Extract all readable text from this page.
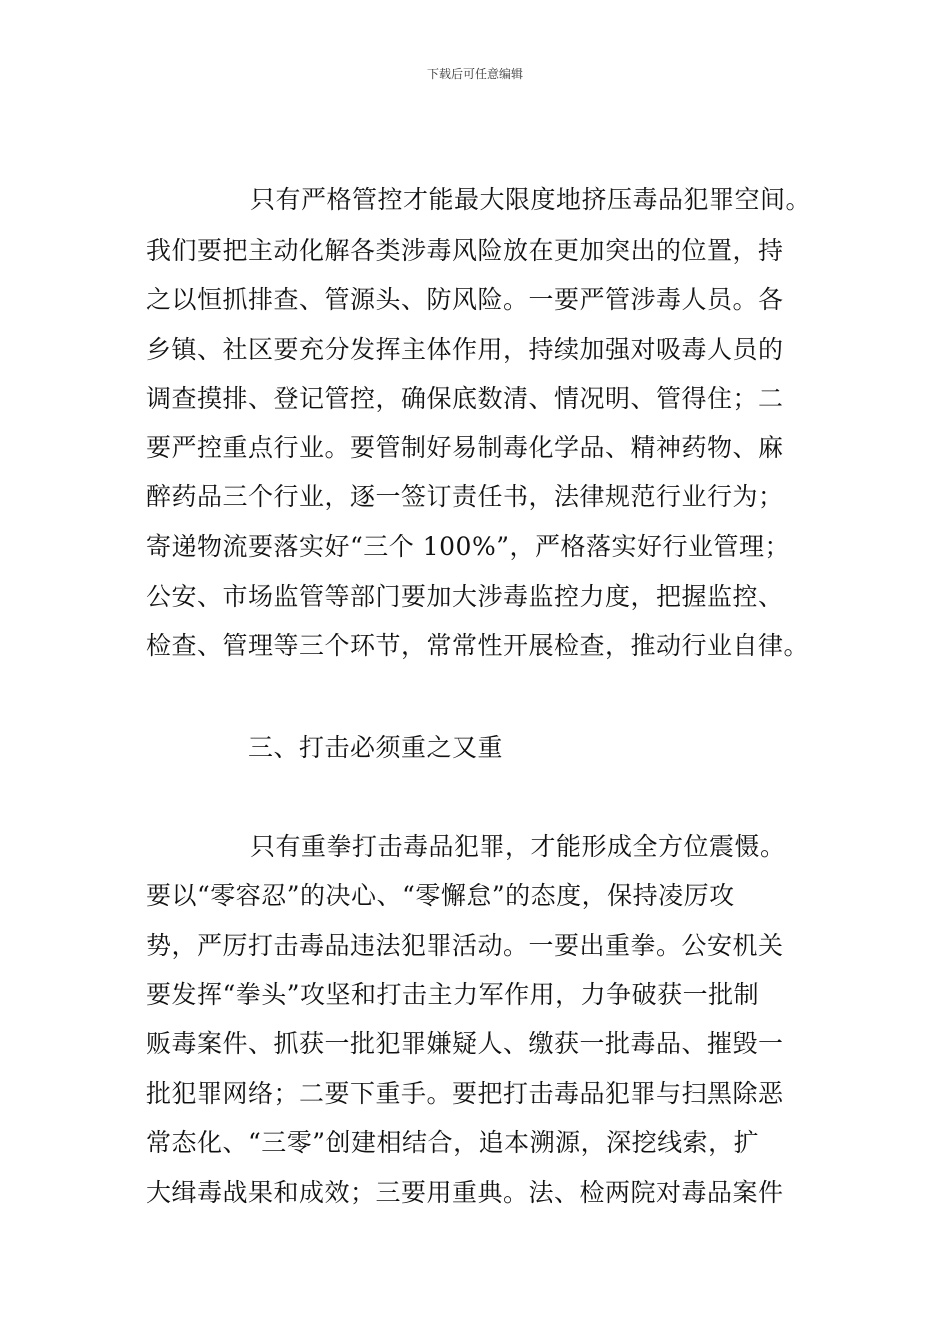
下载后可任意编辑
只有严格管控才能最大限度地挤压毒品犯罪空间。
我们要把主动化解各类涉毒风险放在更加突出的位置，持
之以恒抓排查、管源头、防风险。一要严管涉毒人员。各
乡镇、社区要充分发挥主体作用，持续加强对吸毒人员的
调查摸排、登记管控，确保底数清、情况明、管得住；二
要严控重点行业。要管制好易制毒化学品、精神药物、麻
醉药品三个行业，逐一签订责任书，法律规范行业行为；
寄递物流要落实好“三个 100%”，严格落实好行业管理；
公安、市场监管等部门要加大涉毒监控力度，把握监控、
检查、管理等三个环节，常常性开展检查，推动行业自律。
三、打击必须重之又重
只有重拳打击毒品犯罪，才能形成全方位震慑。
要以“零容忍”的决心、“零懈怠”的态度，保持凌厉攻
势，严厉打击毒品违法犯罪活动。一要出重拳。公安机关
要发挥“拳头”攻坚和打击主力军作用，力争破获一批制
贩毒案件、抓获一批犯罪嫌疑人、缴获一批毒品、摧毁一
批犯罪网络；二要下重手。要把打击毒品犯罪与扫黑除恶
常态化、“三零”创建相结合，追本溯源，深挖线索，扩
大缉毒战果和成效；三要用重典。法、检两院对毒品案件
